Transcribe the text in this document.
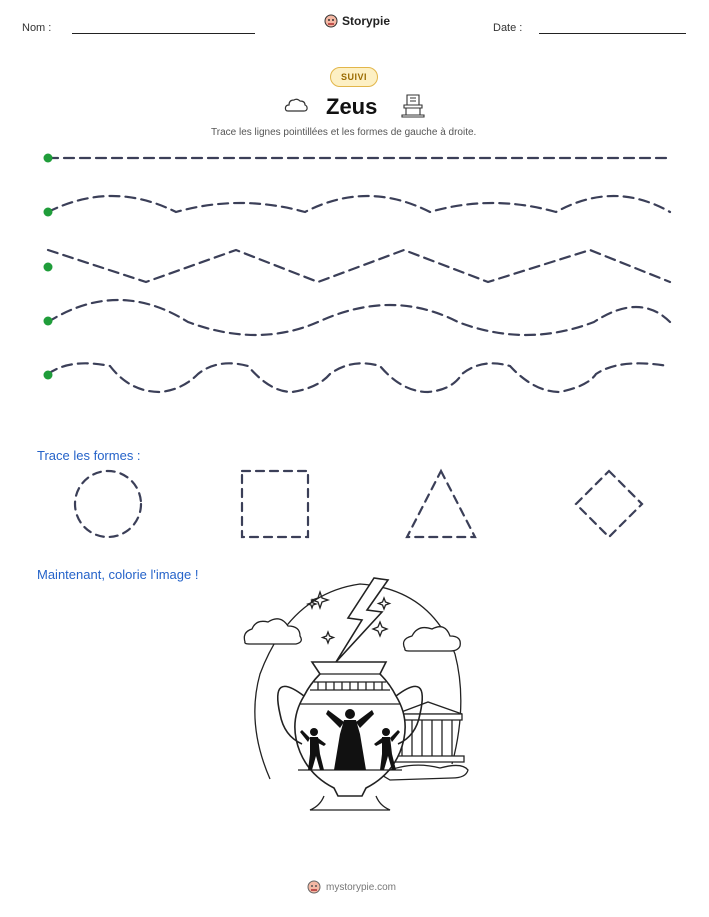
Nom :	Storypie	Date :
SUIVI
Zeus
Trace les lignes pointillées et les formes de gauche à droite.
Trace les formes :
Maintenant, colorie l'image !
mystorypie.com
